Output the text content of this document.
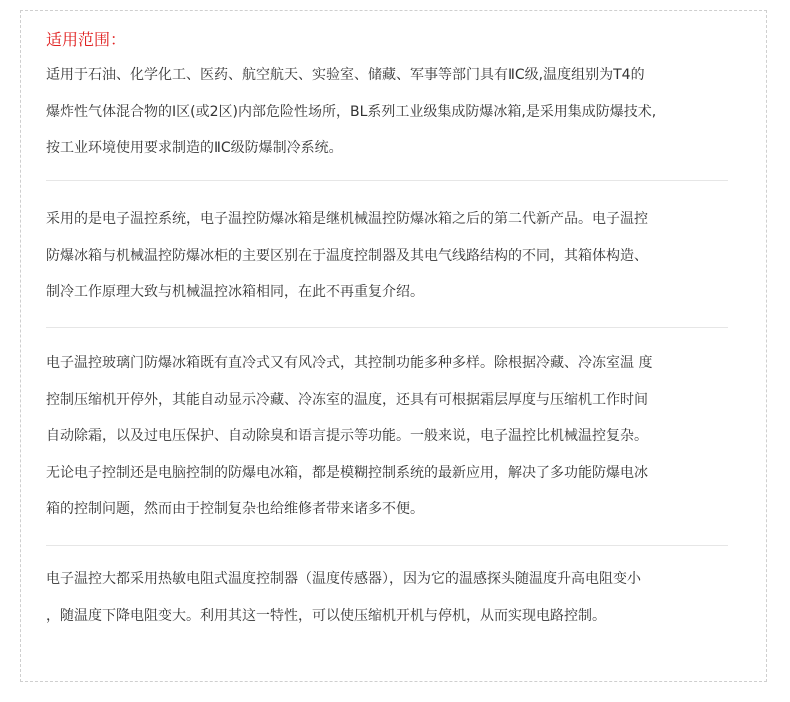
适用范围：
适用于石油、化学化工、医药、航空航天、实验室、储藏、军事等部门具有ⅡC级,温度组别为T4的
爆炸性气体混合物的Ⅰ区(或2区)内部危险性场所，BL系列工业级集成防爆冰箱,是采用集成防爆技术,
按工业环境使用要求制造的ⅡC级防爆制冷系统。
采用的是电子温控系统，电子温控防爆冰箱是继机械温控防爆冰箱之后的第二代新产品。电子温控
防爆冰箱与机械温控防爆冰柜的主要区别在于温度控制器及其电气线路结构的不同，其箱体构造、
制冷工作原理大致与机械温控冰箱相同，在此不再重复介绍。
电子温控玻璃门防爆冰箱既有直冷式又有风冷式，其控制功能多种多样。除根据冷藏、冷冻室温 度
控制压缩机开停外，其能自动显示冷藏、冷冻室的温度，还具有可根据霜层厚度与压缩机工作时间
自动除霜，以及过电压保护、自动除臭和语言提示等功能。一般来说，电子温控比机械温控复杂。
无论电子控制还是电脑控制的防爆电冰箱，都是模糊控制系统的最新应用，解决了多功能防爆电冰
箱的控制问题，然而由于控制复杂也给维修者带来诸多不便。
电子温控大都采用热敏电阻式温度控制器（温度传感器），因为它的温感探头随温度升高电阻变小
，随温度下降电阻变大。利用其这一特性，可以使压缩机开机与停机，从而实现电路控制。
